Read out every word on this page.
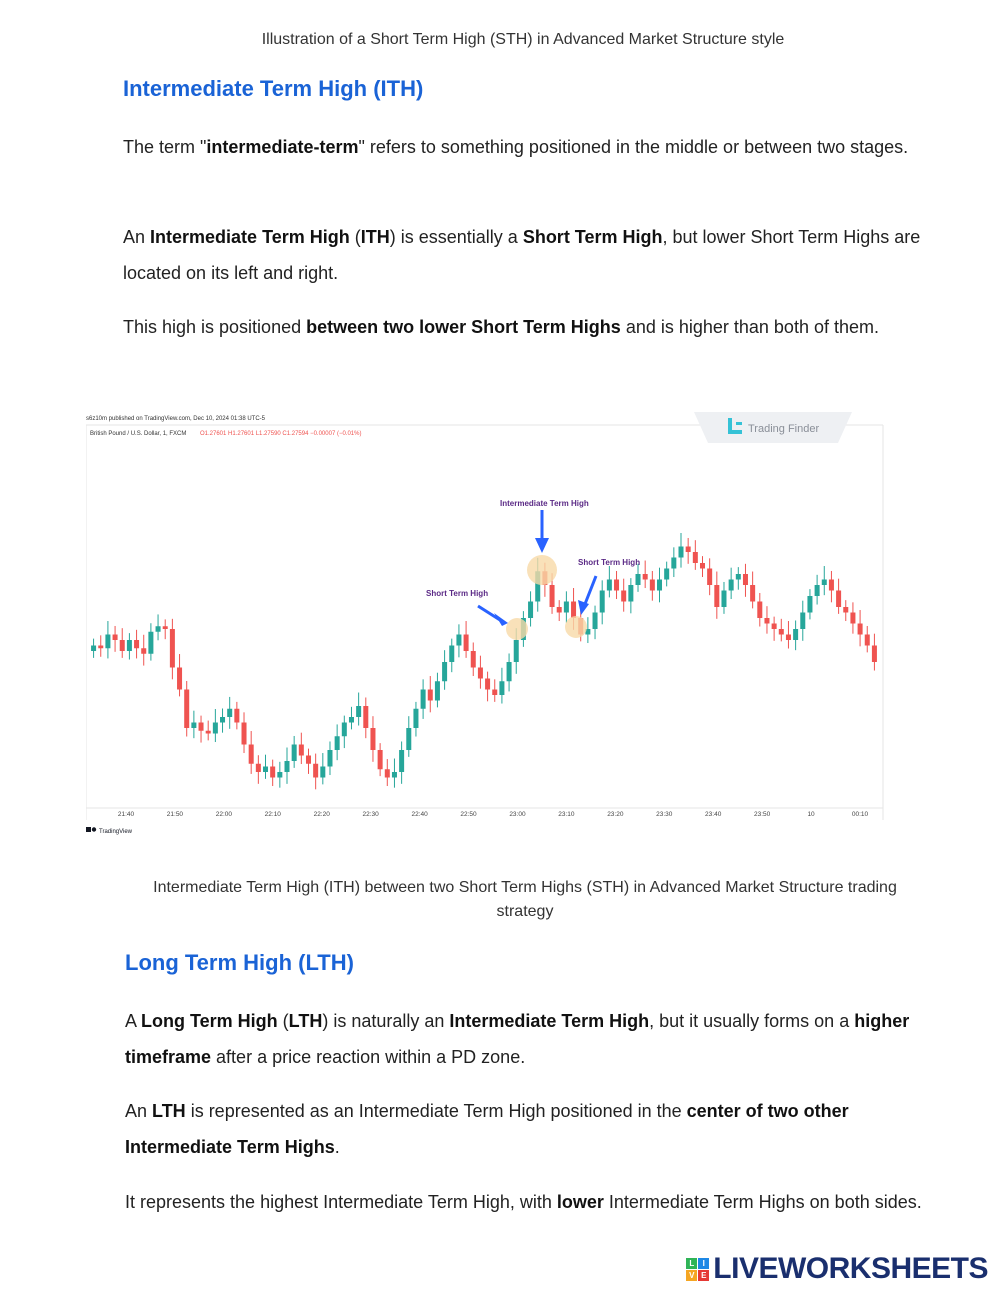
Illustration of a Short Term High (STH) in Advanced Market Structure style
Intermediate Term High (ITH)
The term "intermediate-term" refers to something positioned in the middle or between two stages.
An Intermediate Term High (ITH) is essentially a Short Term High, but lower Short Term Highs are located on its left and right.
This high is positioned between two lower Short Term Highs and is higher than both of them.
s6z10m published on TradingView.com, Dec 10, 2024 01:38 UTC-5
British Pound / U.S. Dollar, 1, FXCM O1.27601 H1.27601 L1.27590 C1.27594 −0.00007 (−0.01%)	Trading Finder
21:40	21:50	22:00	22:10	22:20	22:30	22:40	22:50	23:00	23:10	23:20	23:30	23:40	23:50	10	00:10
Intermediate Term High
Short Term High
Short Term High
TradingView
Intermediate Term High (ITH) between two Short Term Highs (STH) in Advanced Market Structure trading strategy
Long Term High (LTH)
A Long Term High (LTH) is naturally an Intermediate Term High, but it usually forms on a higher timeframe after a price reaction within a PD zone.
An LTH is represented as an Intermediate Term High positioned in the center of two other Intermediate Term Highs.
It represents the highest Intermediate Term High, with lower Intermediate Term Highs on both sides.
L	I
V E LIVEWORKSHEETS
